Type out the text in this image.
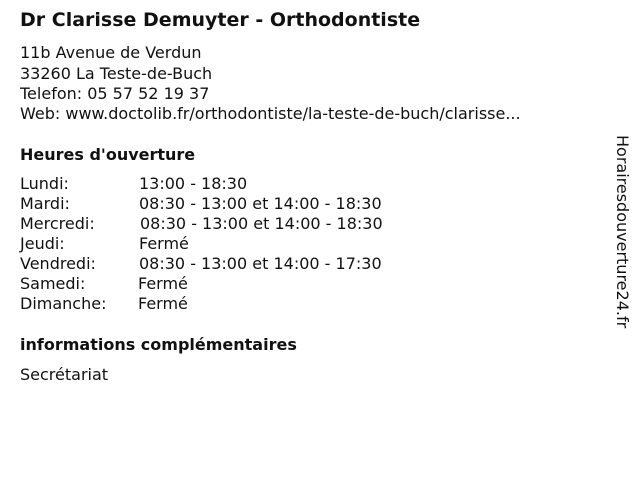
Dr Clarisse Demuyter - Orthodontiste
11b Avenue de Verdun
33260 La Teste-de-Buch
Telefon: 05 57 52 19 37
Web: www.doctolib.fr/orthodontiste/la-teste-de-buch/clarisse...
Heures d'ouverture
Lundi:	13:00 - 18:30
Mardi:	08:30 - 13:00 et 14:00 - 18:30
Mercredi:	08:30 - 13:00 et 14:00 - 18:30
Jeudi:	Fermé
Vendredi:	08:30 - 13:00 et 14:00 - 17:30
Samedi:	Fermé
Dimanche: Fermé
informations complémentaires
Secrétariat
Horairesdouverture24.fr
